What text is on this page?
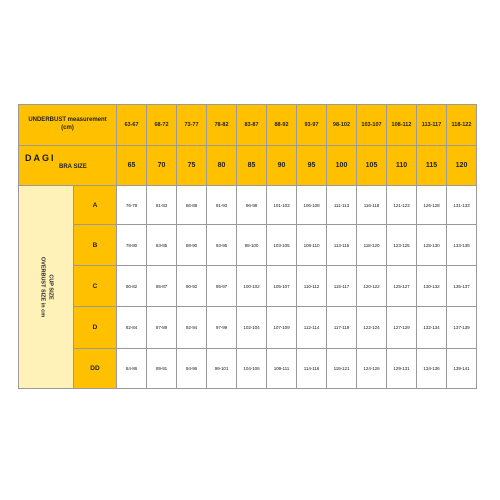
UNDERBUST measurement
(cm)		63-67	68-72	73-77	78-82	83-87	88-92	93-97	98-102	103-107	108-112	113-117	118-122

DAGI
BRA SIZE		65	70	75	80	85	90	95	100	105	110	115	120

CUP SIZE
OVERBUST SIZE in cm	A	76-78	81-83	86-88	91-93	96-98	101-103	106-108	111-113	116-118	121-123	126-128	131-133
	B	78-80	83-85	88-90	93-95	98-100	103-105	108-110	113-115	118-120	123-125	128-130	133-135
	C	80-82	85-87	90-92	95-97	100-102	105-107	110-112	115-117	120-122	125-127	130-132	135-137
	D	82-84	87-89	92-94	97-99	102-104	107-109	112-114	117-119	122-124	127-129	132-134	137-139
	DD	84-86	89-91	94-96	99-101	104-106	109-111	114-116	119-121	124-126	129-131	134-136	139-141
